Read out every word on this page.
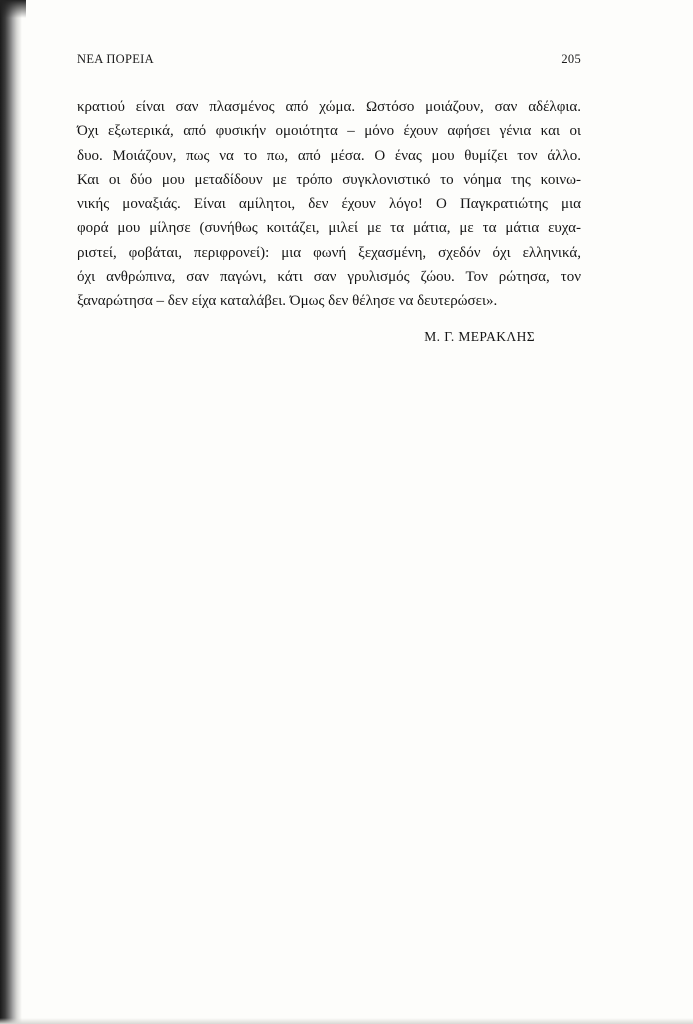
ΝΕΑ ΠΟΡΕΙΑ	205
κρατιού είναι σαν πλασμένος από χώμα. Ωστόσο μοιάζουν, σαν αδέλφια.
Όχι εξωτερικά, από φυσικήν ομοιότητα – μόνο έχουν αφήσει γένια και οι
δυο. Μοιάζουν, πως να το πω, από μέσα. Ο ένας μου θυμίζει τον άλλο.
Και οι δύο μου μεταδίδουν με τρόπο συγκλονιστικό το νόημα της κοινω-
νικής μοναξιάς. Είναι αμίλητοι, δεν έχουν λόγο! Ο Παγκρατιώτης μια
φορά μου μίλησε (συνήθως κοιτάζει, μιλεί με τα μάτια, με τα μάτια ευχα-
ριστεί, φοβάται, περιφρονεί): μια φωνή ξεχασμένη, σχεδόν όχι ελληνικά,
όχι ανθρώπινα, σαν παγώνι, κάτι σαν γρυλισμός ζώου. Τον ρώτησα, τον
ξαναρώτησα – δεν είχα καταλάβει. Όμως δεν θέλησε να δευτερώσει».
Μ. Γ. ΜΕΡΑΚΛΗΣ
